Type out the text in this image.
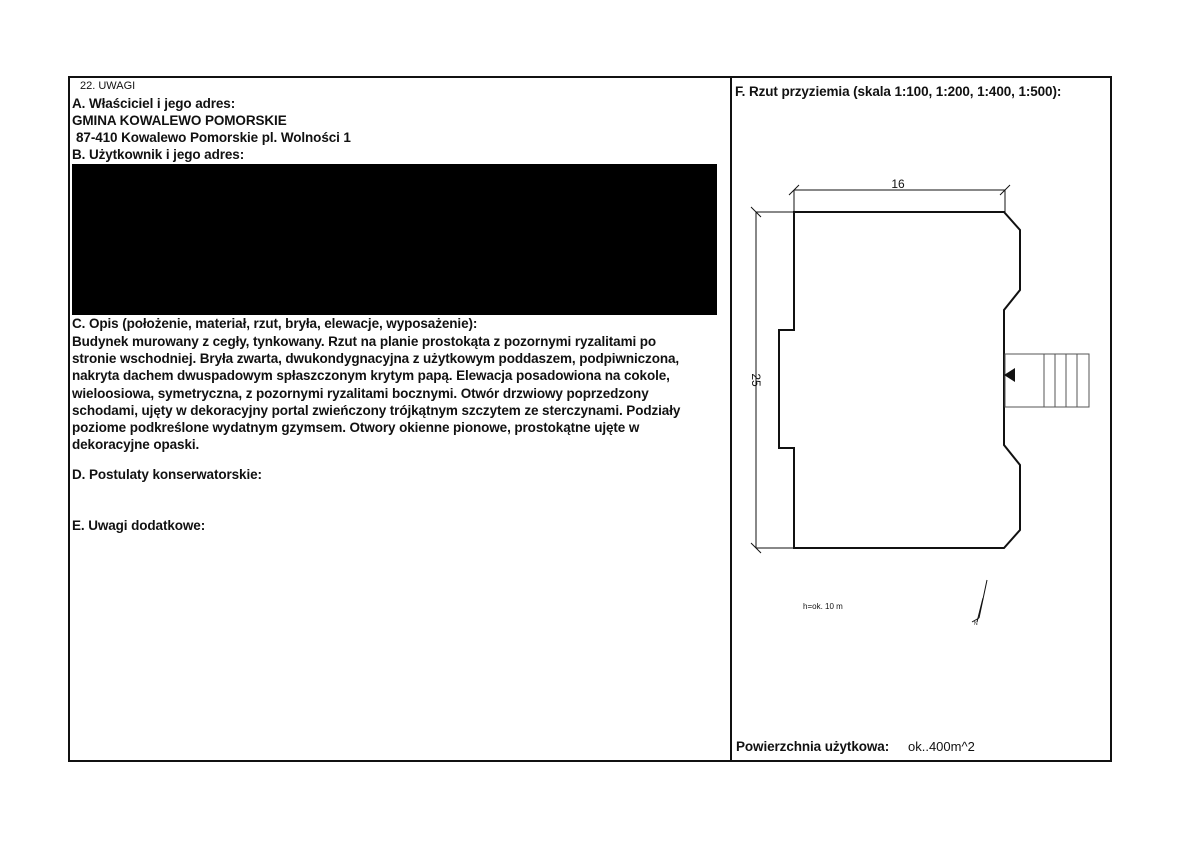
22. UWAGI
A. Właściciel i jego adres:
GMINA KOWALEWO POMORSKIE
87-410 Kowalewo Pomorskie pl. Wolności 1
B. Użytkownik i jego adres:
C. Opis (położenie, materiał, rzut, bryła, elewacje, wyposażenie):
Budynek murowany z cegły, tynkowany. Rzut na planie prostokąta z pozornymi ryzalitami po
stronie wschodniej. Bryła zwarta, dwukondygnacyjna z użytkowym poddaszem, podpiwniczona,
nakryta dachem dwuspadowym spłaszczonym krytym papą. Elewacja posadowiona na cokole,
wieloosiowa, symetryczna, z pozornymi ryzalitami bocznymi. Otwór drzwiowy poprzedzony
schodami, ujęty w dekoracyjny portal zwieńczony trójkątnym szczytem ze sterczynami. Podziały
poziome podkreślone wydatnym gzymsem. Otwory okienne pionowe, prostokątne ujęte w
dekoracyjne opaski.
D. Postulaty konserwatorskie:
E. Uwagi dodatkowe:
F. Rzut przyziemia (skala 1:100, 1:200, 1:400, 1:500):
16
25
h=ok. 10 m
N
Powierzchnia użytkowa: ok..400m^2
